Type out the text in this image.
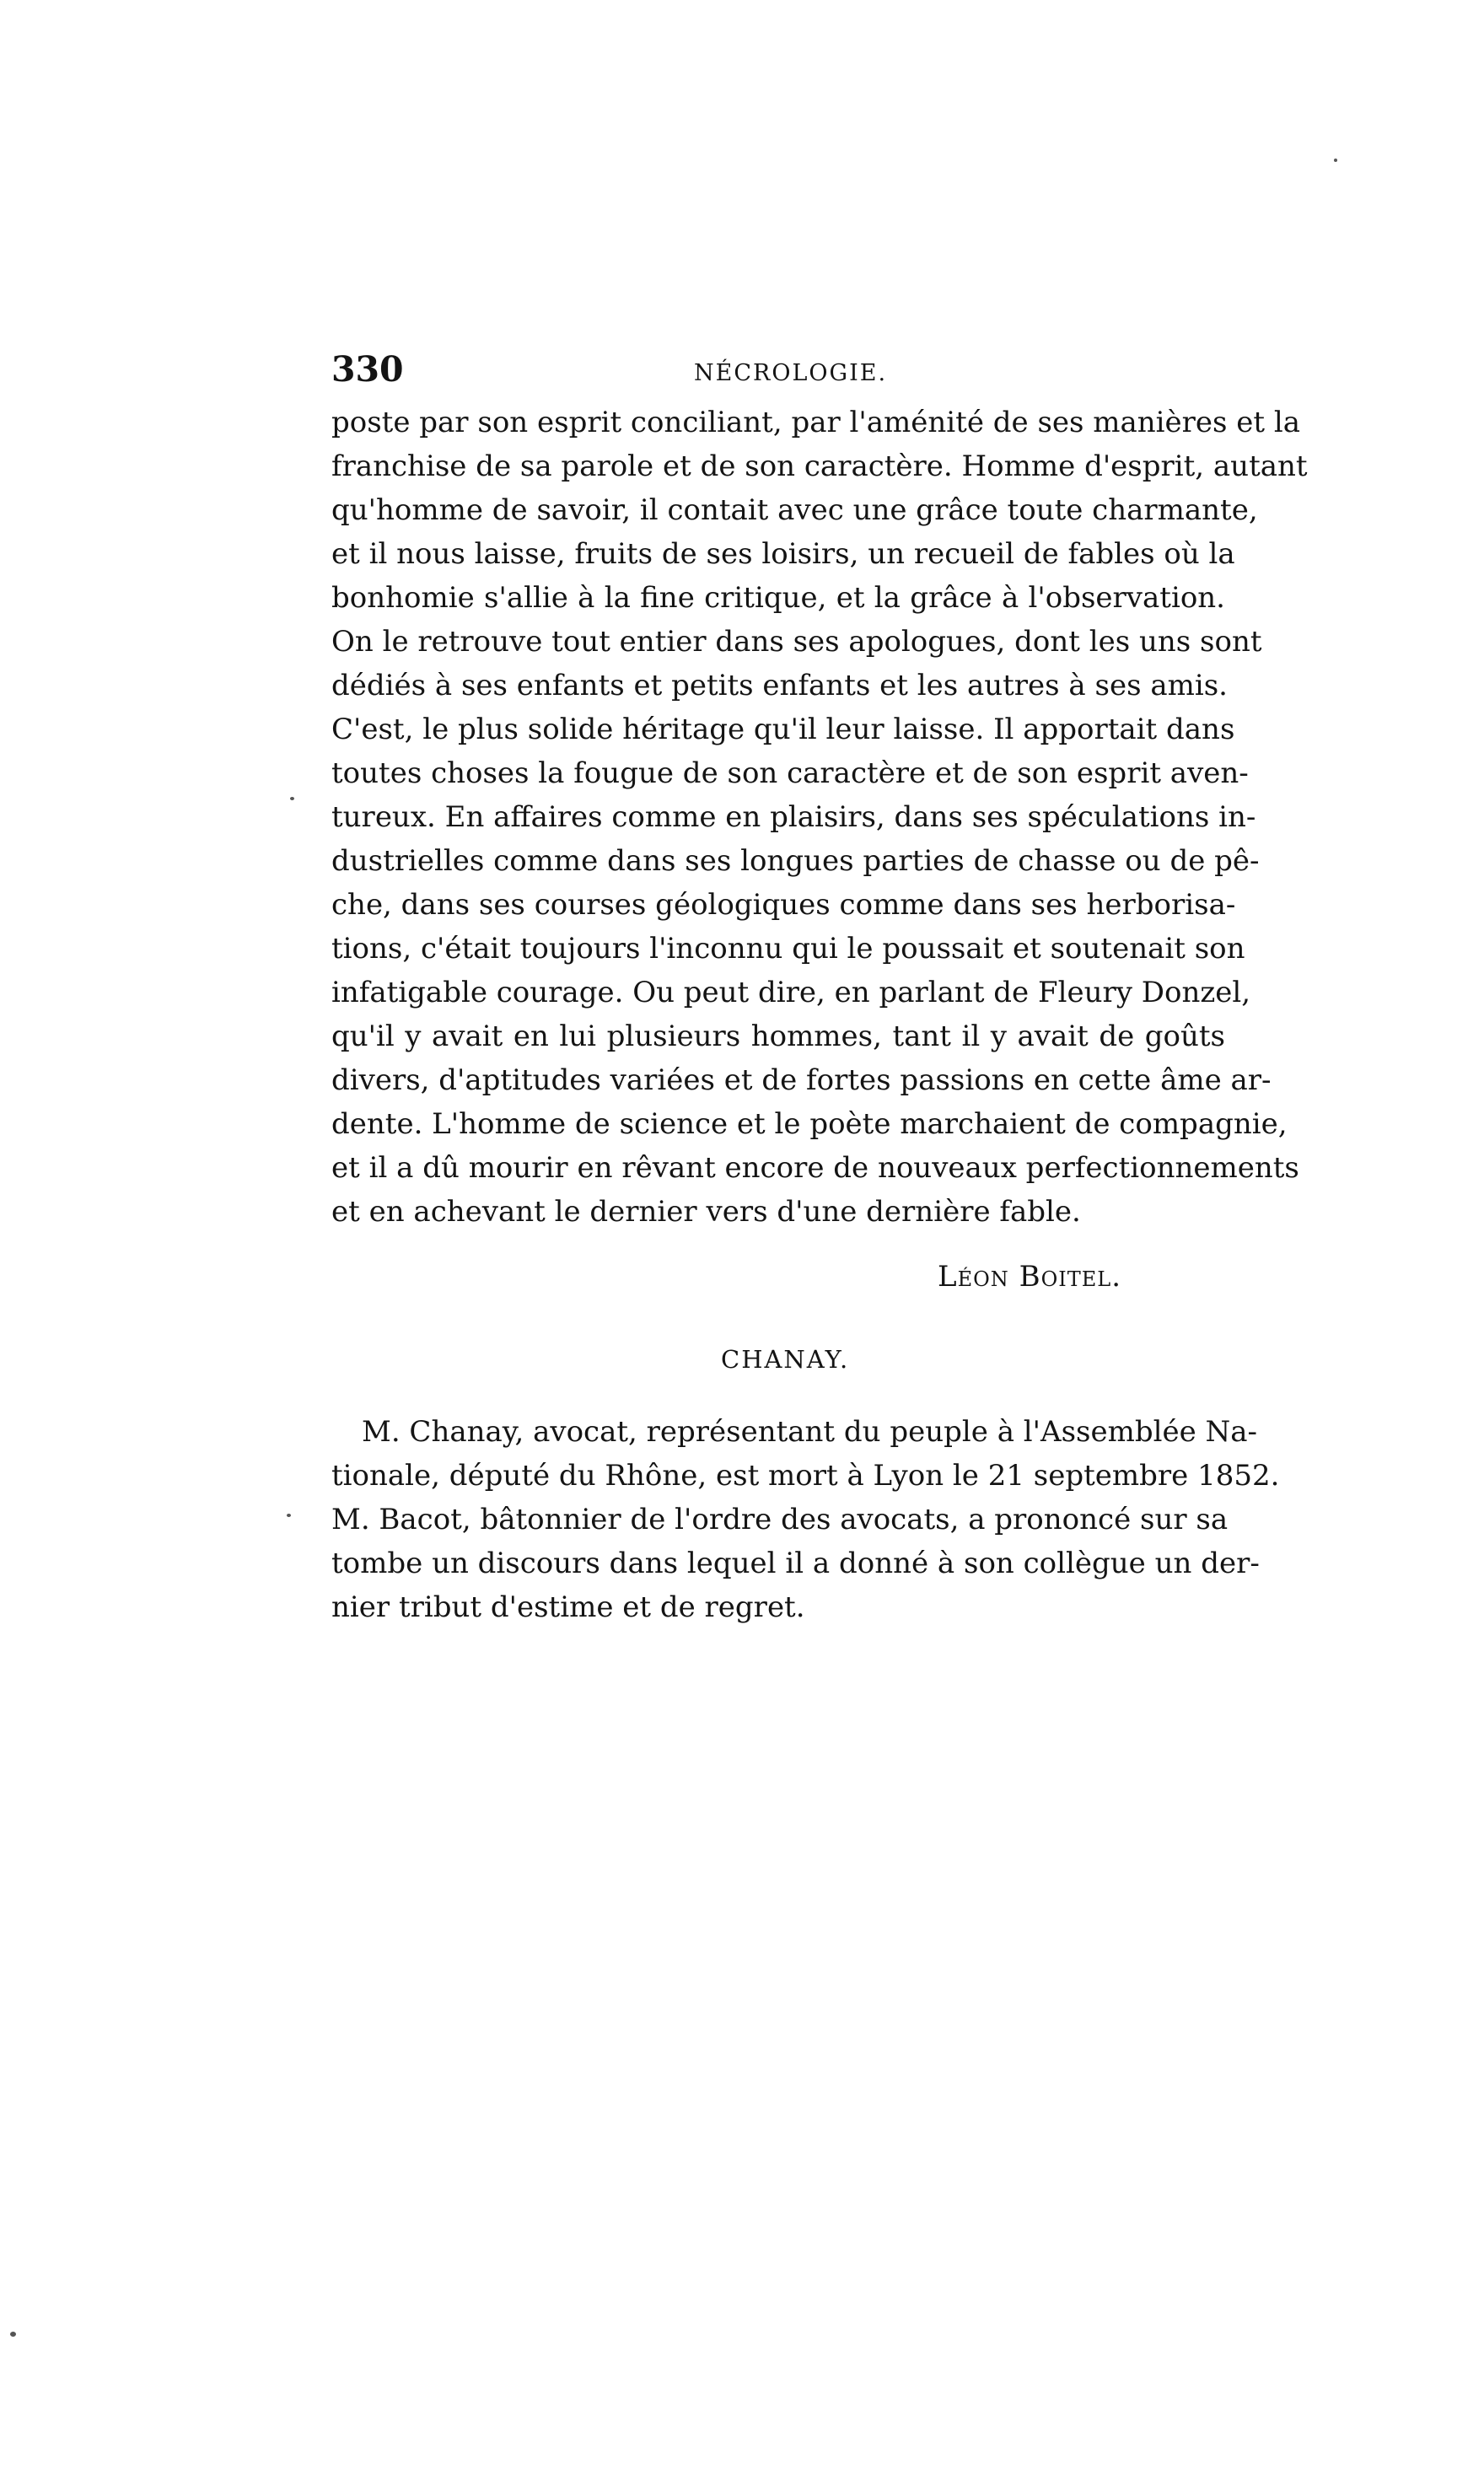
330	NÉCROLOGIE.
poste par son esprit conciliant, par l'aménité de ses manières et la
franchise de sa parole et de son caractère. Homme d'esprit, autant
qu'homme de savoir, il contait avec une grâce toute charmante,
et il nous laisse, fruits de ses loisirs, un recueil de fables où la
bonhomie s'allie à la fine critique, et la grâce à l'observation.
On le retrouve tout entier dans ses apologues, dont les uns sont
dédiés à ses enfants et petits enfants et les autres à ses amis.
C'est, le plus solide héritage qu'il leur laisse. Il apportait dans
toutes choses la fougue de son caractère et de son esprit aven-
tureux. En affaires comme en plaisirs, dans ses spéculations in-
dustrielles comme dans ses longues parties de chasse ou de pê-
che, dans ses courses géologiques comme dans ses herborisa-
tions, c'était toujours l'inconnu qui le poussait et soutenait son
infatigable courage. Ou peut dire, en parlant de Fleury Donzel,
qu'il y avait en lui plusieurs hommes, tant il y avait de goûts
divers, d'aptitudes variées et de fortes passions en cette âme ar-
dente. L'homme de science et le poète marchaient de compagnie,
et il a dû mourir en rêvant encore de nouveaux perfectionnements
et en achevant le dernier vers d'une dernière fable.
Léon Boitel.
CHANAY.
M. Chanay, avocat, représentant du peuple à l'Assemblée Na-
tionale, député du Rhône, est mort à Lyon le 21 septembre 1852.
M. Bacot, bâtonnier de l'ordre des avocats, a prononcé sur sa
tombe un discours dans lequel il a donné à son collègue un der-
nier tribut d'estime et de regret.
